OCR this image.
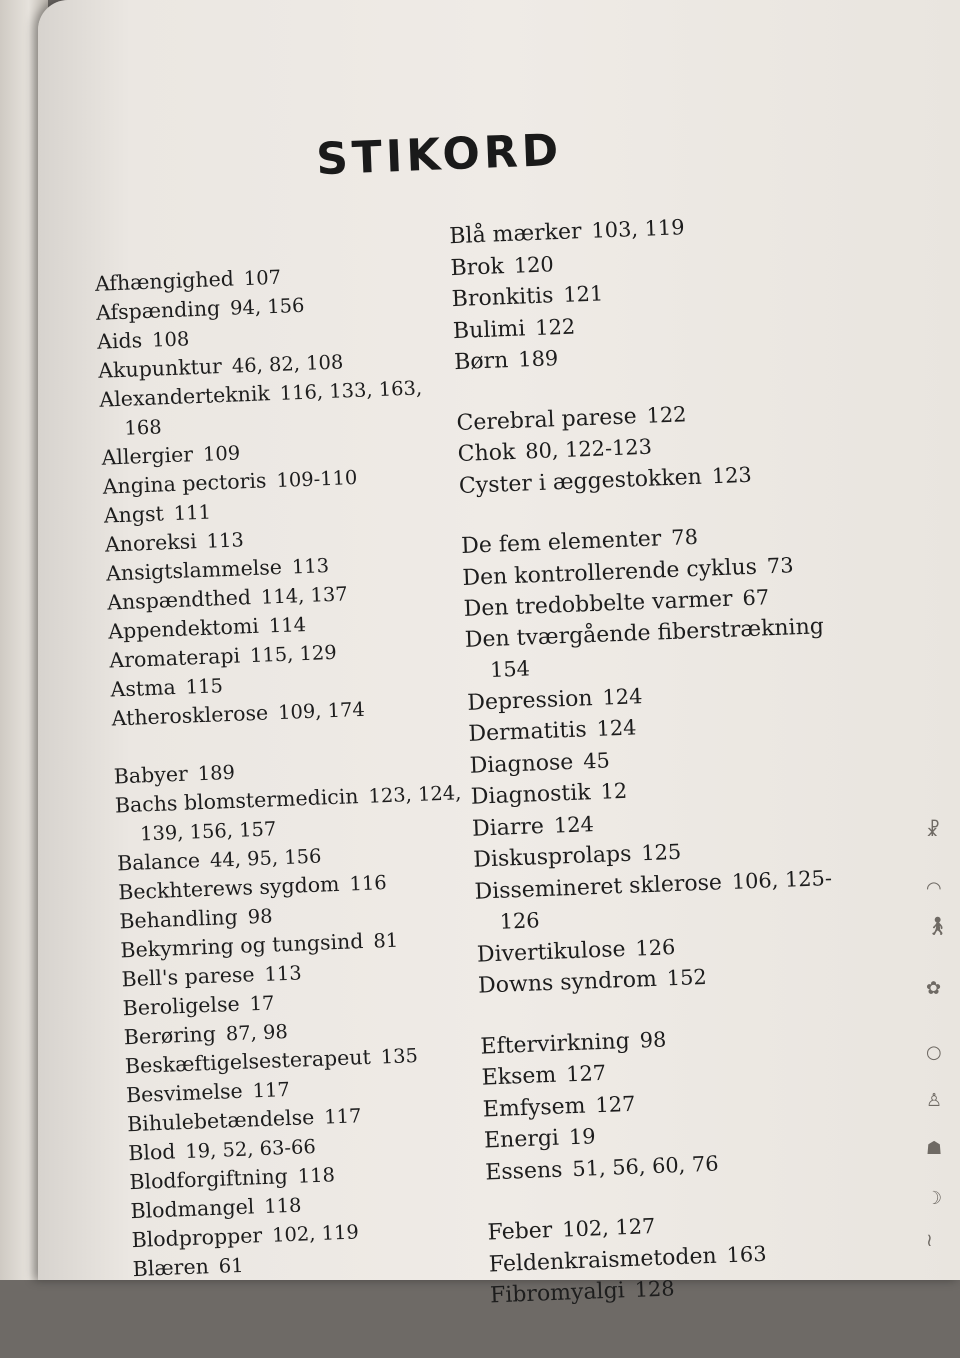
STIKORD
Afhængighed 107
Afspænding 94, 156
Aids 108
Akupunktur 46, 82, 108
Alexanderteknik 116, 133, 163,
168
Allergier 109
Angina pectoris 109-110
Angst 111
Anoreksi 113
Ansigtslammelse 113
Anspændthed 114, 137
Appendektomi 114
Aromaterapi 115, 129
Astma 115
Atherosklerose 109, 174
Babyer 189
Bachs blomstermedicin 123, 124,
139, 156, 157
Balance 44, 95, 156
Beckhterews sygdom 116
Behandling 98
Bekymring og tungsind 81
Bell's parese 113
Beroligelse 17
Berøring 87, 98
Beskæftigelsesterapeut 135
Besvimelse 117
Bihulebetændelse 117
Blod 19, 52, 63-66
Blodforgiftning 118
Blodmangel 118
Blodpropper 102, 119
Blæren 61
Blå mærker 103, 119
Brok 120
Bronkitis 121
Bulimi 122
Børn 189
Cerebral parese 122
Chok 80, 122-123
Cyster i æggestokken 123
De fem elementer 78
Den kontrollerende cyklus 73
Den tredobbelte varmer 67
Den tværgående fiberstrækning
154
Depression 124
Dermatitis 124
Diagnose 45
Diagnostik 12
Diarre 124
Diskusprolaps 125
Dissemineret sklerose 106, 125-
126
Divertikulose 126
Downs syndrom 152
Eftervirkning 98
Eksem 127
Emfysem 127
Energi 19
Essens 51, 56, 60, 76
Feber 102, 127
Feldenkraismetoden 163
Fibromyalgi 128
☧
◠
🚶︎
✿
○
♙
☗
☽
≀
